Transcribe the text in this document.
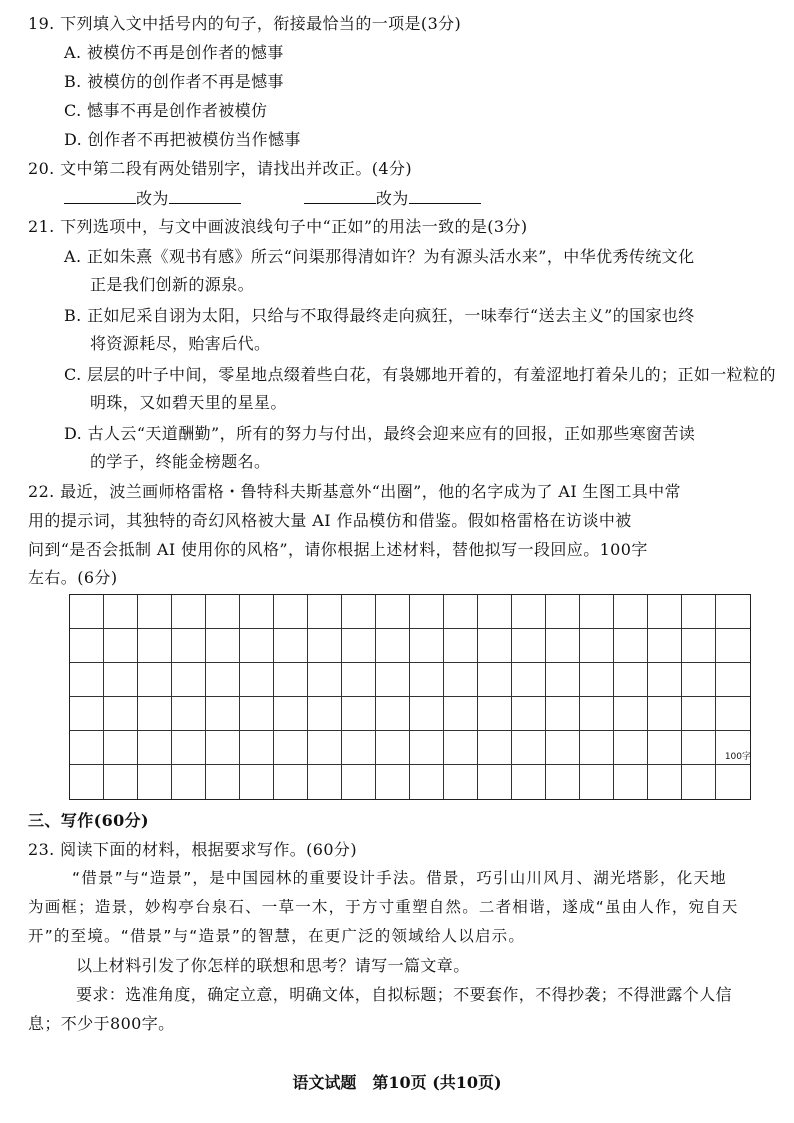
19. 下列填入文中括号内的句子，衔接最恰当的一项是(3分)
A. 被模仿不再是创作者的憾事
B. 被模仿的创作者不再是憾事
C. 憾事不再是创作者被模仿
D. 创作者不再把被模仿当作憾事
20. 文中第二段有两处错别字，请找出并改正。(4分)
改为	改为
21. 下列选项中，与文中画波浪线句子中“正如”的用法一致的是(3分)
A. 正如朱熹《观书有感》所云“问渠那得清如许？为有源头活水来”，中华优秀传统文化
正是我们创新的源泉。
B. 正如尼采自诩为太阳，只给与不取得最终走向疯狂，一味奉行“送去主义”的国家也终
将资源耗尽，贻害后代。
C. 层层的叶子中间，零星地点缀着些白花，有袅娜地开着的，有羞涩地打着朵儿的；正如一粒粒的
明珠，又如碧天里的星星。
D. 古人云“天道酬勤”，所有的努力与付出，最终会迎来应有的回报，正如那些寒窗苦读
的学子，终能金榜题名。
22. 最近，波兰画师格雷格・鲁特科夫斯基意外“出圈”，他的名字成为了 AI 生图工具中常
用的提示词，其独特的奇幻风格被大量 AI 作品模仿和借鉴。假如格雷格在访谈中被
问到“是否会抵制 AI 使用你的风格”，请你根据上述材料，替他拟写一段回应。100字
左右。(6分)
100字
三、写作(60分)
23. 阅读下面的材料，根据要求写作。(60分)
“借景”与“造景”，是中国园林的重要设计手法。借景，巧引山川风月、湖光塔影，化天地
为画框；造景，妙构亭台泉石、一草一木，于方寸重塑自然。二者相谐，遂成“虽由人作，宛自天
开”的至境。“借景”与“造景”的智慧，在更广泛的领域给人以启示。
以上材料引发了你怎样的联想和思考？请写一篇文章。
要求：选准角度，确定立意，明确文体，自拟标题；不要套作，不得抄袭；不得泄露个人信
息；不少于800字。
语文试题　第10页 (共10页)
